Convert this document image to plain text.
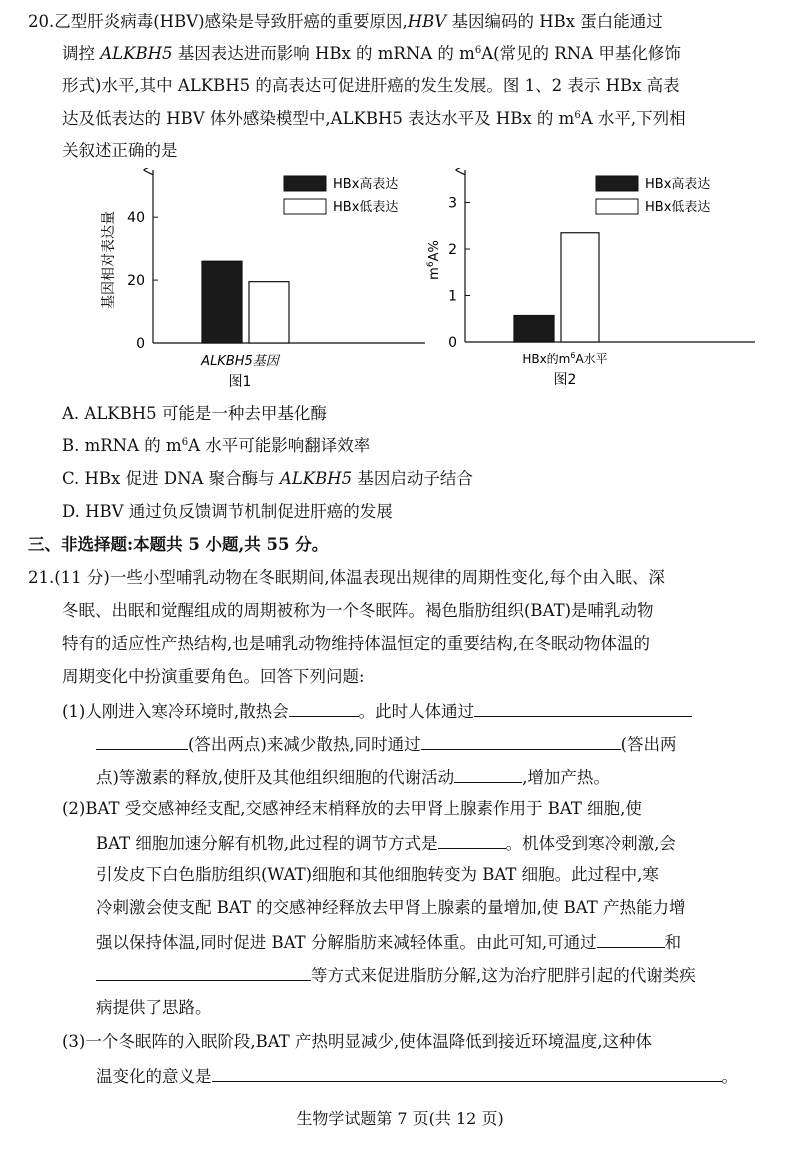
20.乙型肝炎病毒(HBV)感染是导致肝癌的重要原因,HBV 基因编码的 HBx 蛋白能通过
调控 ALKBH5 基因表达进而影响 HBx 的 mRNA 的 $m^6A$(常见的 RNA 甲基化修饰
形式)水平,其中 ALKBH5 的高表达可促进肝癌的发生发展。图 1、2 表示 HBx 高表
达及低表达的 HBV 体外感染模型中,ALKBH5 表达水平及 HBx 的 $m^6A$ 水平,下列相
关叙述正确的是
0
20
40
基因相对表达量
HBx高表达
HBx低表达
ALKBH5基因
图1
0
1
2
3
$m^6A\%$
HBx高表达
HBx低表达
HBx的$m^6A$水平
图2
A. ALKBH5 可能是一种去甲基化酶
B. mRNA 的 $m^6A$ 水平可能影响翻译效率
C. HBx 促进 DNA 聚合酶与 ALKBH5 基因启动子结合
D. HBV 通过负反馈调节机制促进肝癌的发展
三、非选择题:本题共 5 小题,共 55 分。
21.(11 分)一些小型哺乳动物在冬眠期间,体温表现出规律的周期性变化,每个由入眠、深
冬眠、出眠和觉醒组成的周期被称为一个冬眠阵。褐色脂肪组织(BAT)是哺乳动物
特有的适应性产热结构,也是哺乳动物维持体温恒定的重要结构,在冬眠动物体温的
周期变化中扮演重要角色。回答下列问题:
(1)人刚进入寒冷环境时,散热会	。此时人体通过
(答出两点)来减少散热,同时通过	(答出两
点)等激素的释放,使肝及其他组织细胞的代谢活动	,增加产热。
(2)BAT 受交感神经支配,交感神经末梢释放的去甲肾上腺素作用于 BAT 细胞,使
BAT 细胞加速分解有机物,此过程的调节方式是	。机体受到寒冷刺激,会
引发皮下白色脂肪组织(WAT)细胞和其他细胞转变为 BAT 细胞。此过程中,寒
冷刺激会使支配 BAT 的交感神经释放去甲肾上腺素的量增加,使 BAT 产热能力增
强以保持体温,同时促进 BAT 分解脂肪来减轻体重。由此可知,可通过	和
等方式来促进脂肪分解,这为治疗肥胖引起的代谢类疾
病提供了思路。
(3)一个冬眠阵的入眠阶段,BAT 产热明显减少,使体温降低到接近环境温度,这种体
温变化的意义是	。
生物学试题第 7 页(共 12 页)
